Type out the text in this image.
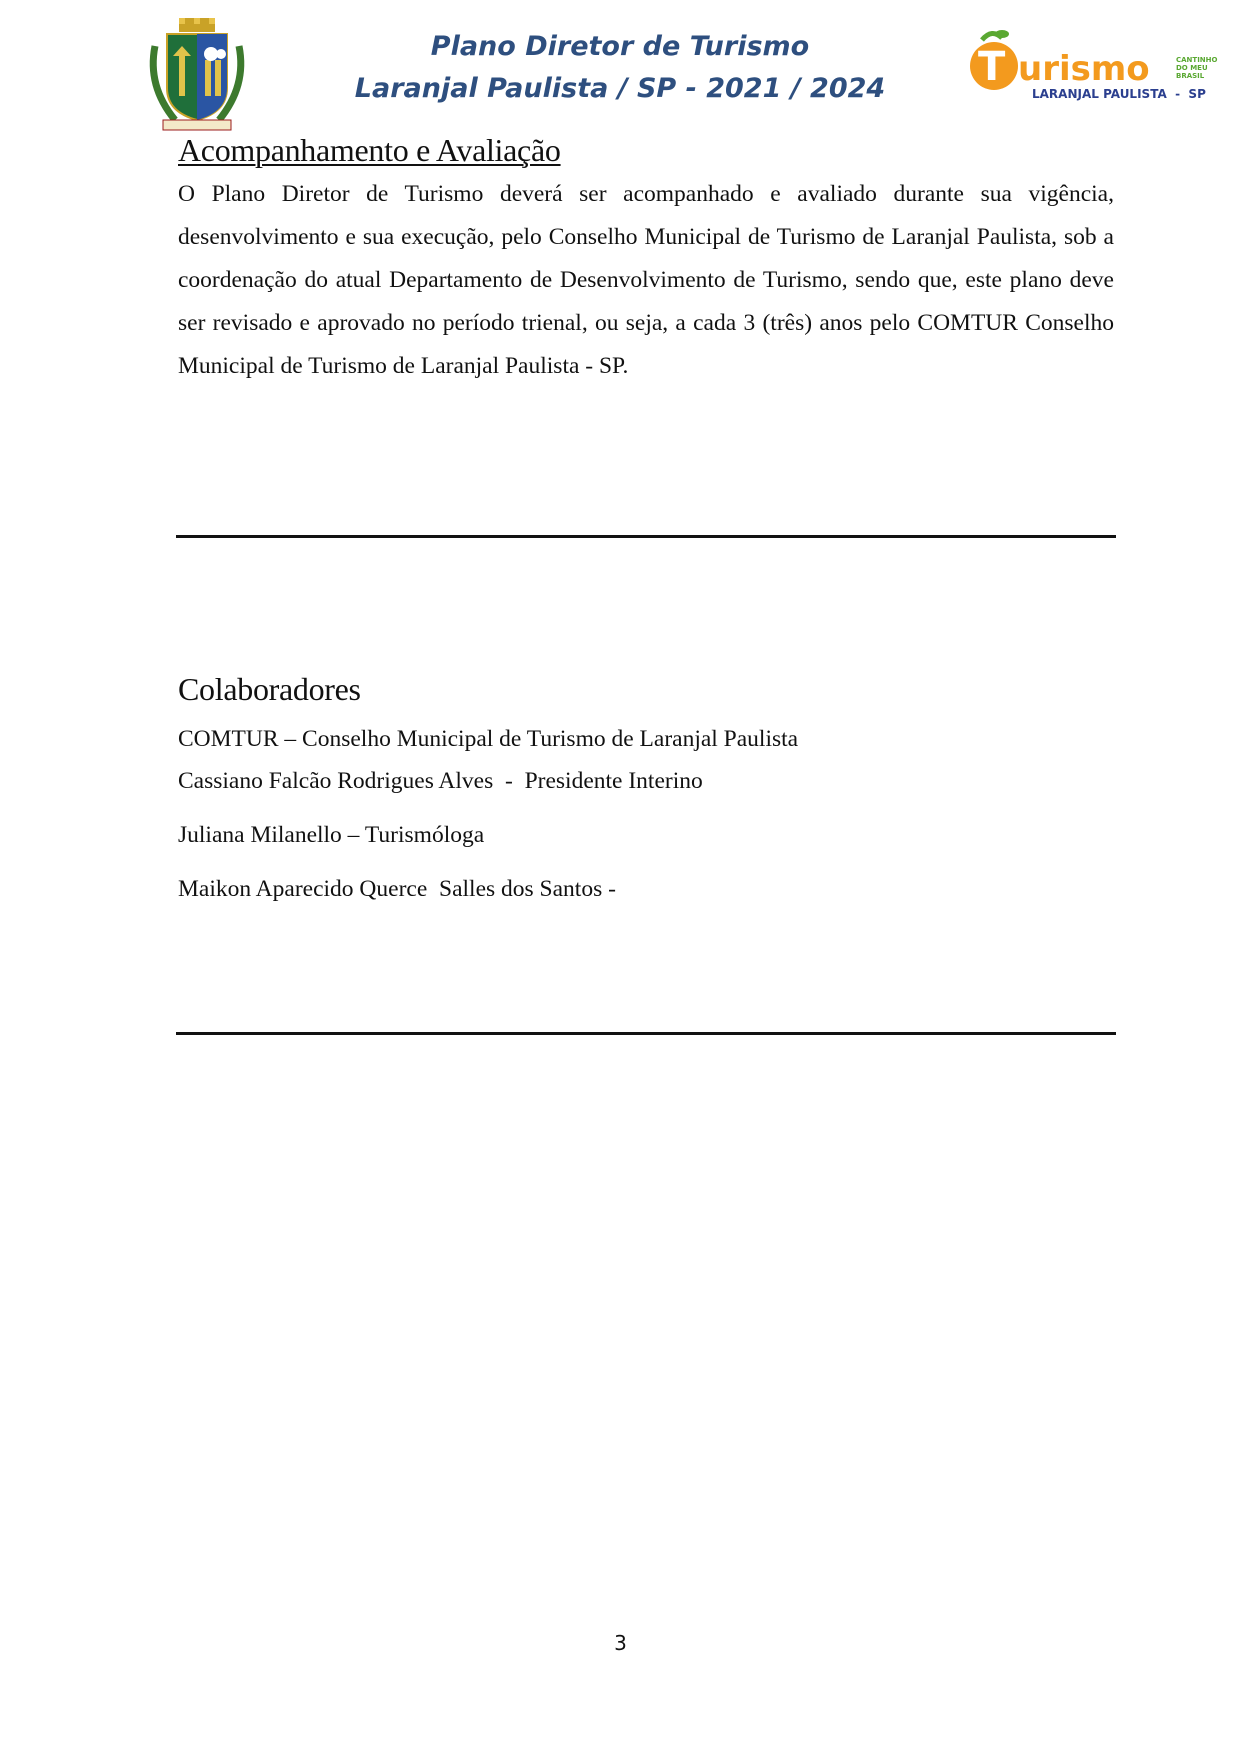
Plano Diretor de Turismo
Laranjal Paulista / SP - 2021 / 2024	T urismo	CANTINHO
DO MEU
BRASIL
LARANJAL PAULISTA  -  SP
Acompanhamento e Avaliação

O Plano Diretor de Turismo deverá ser acompanhado e avaliado durante sua vigência, desenvolvimento e sua execução, pelo Conselho Municipal de Turismo de Laranjal Paulista, sob a coordenação do atual Departamento de Desenvolvimento de Turismo, sendo que, este plano deve ser revisado e aprovado no período trienal, ou seja, a cada 3 (três) anos pelo COMTUR Conselho Municipal de Turismo de Laranjal Paulista - SP.

Colaboradores

COMTUR – Conselho Municipal de Turismo de Laranjal Paulista

Cassiano Falcão Rodrigues Alves  -  Presidente Interino

Juliana Milanello – Turismóloga

Maikon Aparecido Querce  Salles dos Santos -

3
